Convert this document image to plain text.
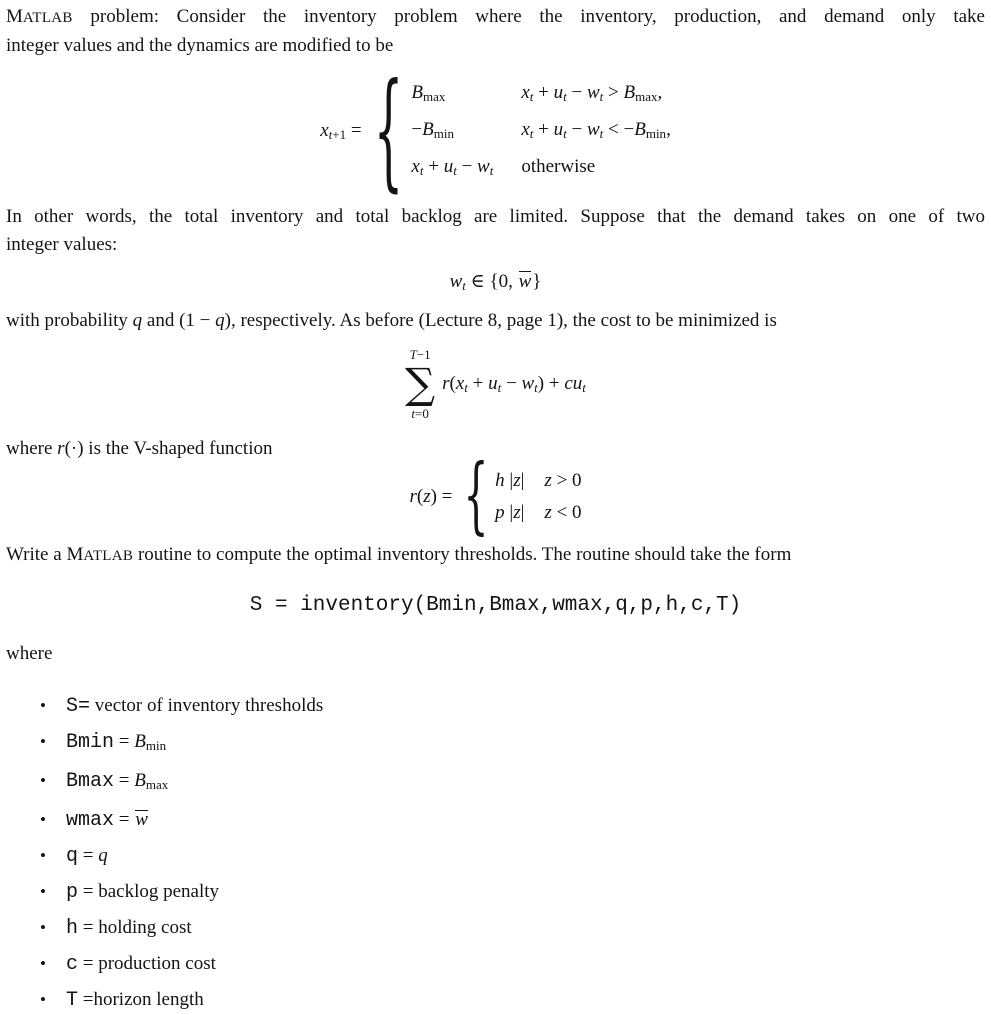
MATLAB problem: Consider the inventory problem where the inventory, production, and demand only take
integer values and the dynamics are modified to be
xt+1 = { Bmax	xt + ut − wt > Bmax,
−Bmin	xt + ut − wt < −Bmin,
xt + ut − wt otherwise
In other words, the total inventory and total backlog are limited. Suppose that the demand takes on one of two
integer values:
wt ∈ {0, w}
with probability q and (1 − q), respectively. As before (Lecture 8, page 1), the cost to be minimized is
T−1
∑
t=0
r(xt + ut − wt) + cut
where r(·) is the V-shaped function
r(z) = { h |z| z > 0
p |z| z < 0
Write a MATLAB routine to compute the optimal inventory thresholds. The routine should take the form
S = inventory(Bmin,Bmax,wmax,q,p,h,c,T)
where
•	S= vector of inventory thresholds
•	Bmin = Bmin
•	Bmax = Bmax
•	wmax = w
•	q = q
•	p = backlog penalty
•	h = holding cost
•	c = production cost
•	T =horizon length
